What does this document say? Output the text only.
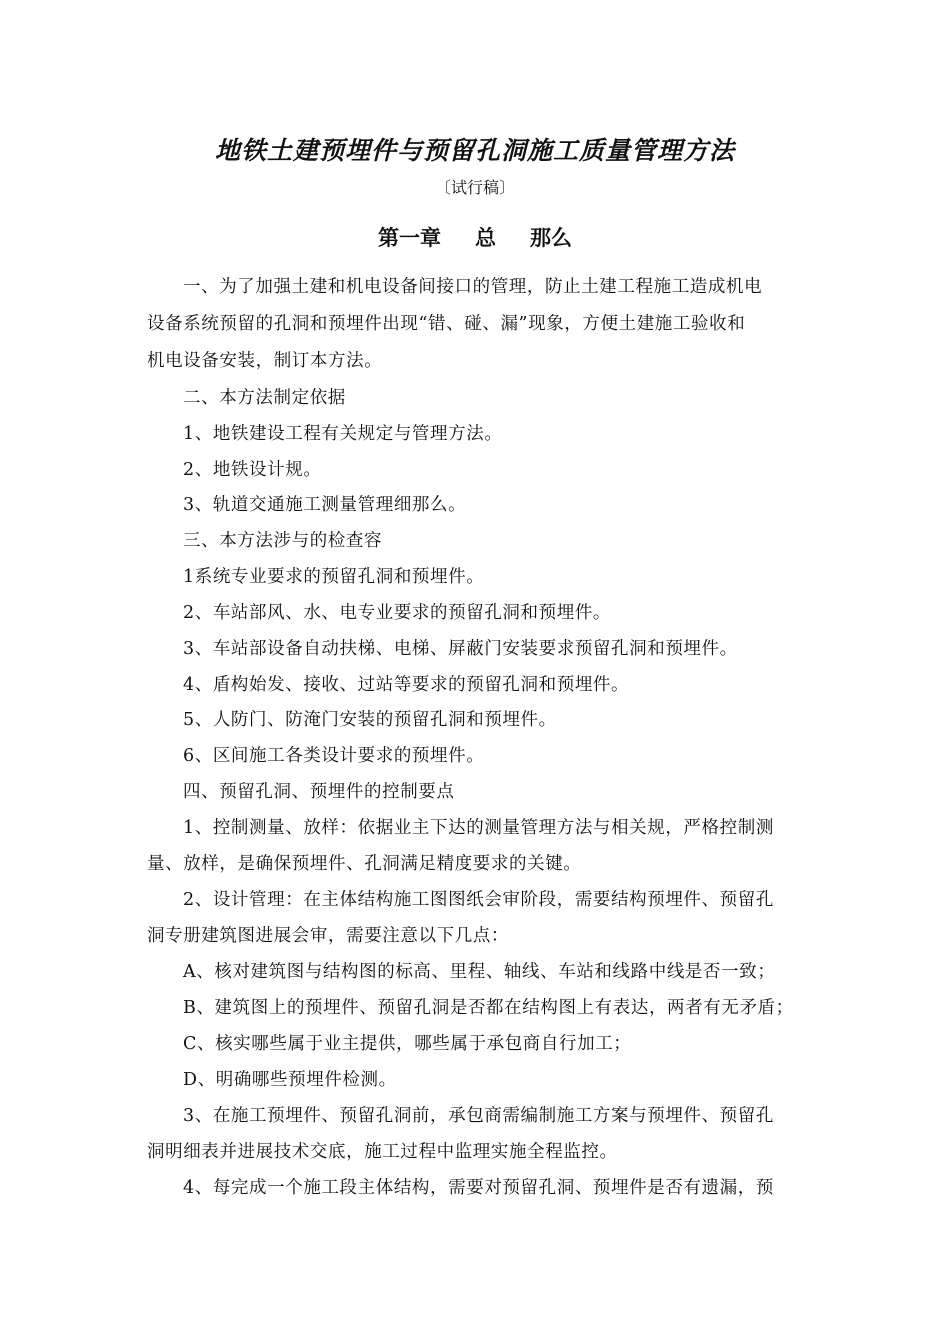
地铁土建预埋件与预留孔洞施工质量管理方法
〔试行稿〕
第一章 总 那么
一、为了加强土建和机电设备间接口的管理，防止土建工程施工造成机电
设备系统预留的孔洞和预埋件出现“错、碰、漏”现象，方便土建施工验收和
机电设备安装，制订本方法。
二、本方法制定依据
1、地铁建设工程有关规定与管理方法。
2、地铁设计规。
3、轨道交通施工测量管理细那么。
三、本方法涉与的检查容
1系统专业要求的预留孔洞和预埋件。
2、车站部风、水、电专业要求的预留孔洞和预埋件。
3、车站部设备自动扶梯、电梯、屏蔽门安装要求预留孔洞和预埋件。
4、盾构始发、接收、过站等要求的预留孔洞和预埋件。
5、人防门、防淹门安装的预留孔洞和预埋件。
6、区间施工各类设计要求的预埋件。
四、预留孔洞、预埋件的控制要点
1、控制测量、放样：依据业主下达的测量管理方法与相关规，严格控制测
量、放样，是确保预埋件、孔洞满足精度要求的关键。
2、设计管理：在主体结构施工图图纸会审阶段，需要结构预埋件、预留孔
洞专册建筑图进展会审，需要注意以下几点：
A、核对建筑图与结构图的标高、里程、轴线、车站和线路中线是否一致；
B、建筑图上的预埋件、预留孔洞是否都在结构图上有表达，两者有无矛盾；
C、核实哪些属于业主提供，哪些属于承包商自行加工；
D、明确哪些预埋件检测。
3、在施工预埋件、预留孔洞前，承包商需编制施工方案与预埋件、预留孔
洞明细表并进展技术交底，施工过程中监理实施全程监控。
4、每完成一个施工段主体结构，需要对预留孔洞、预埋件是否有遗漏，预
